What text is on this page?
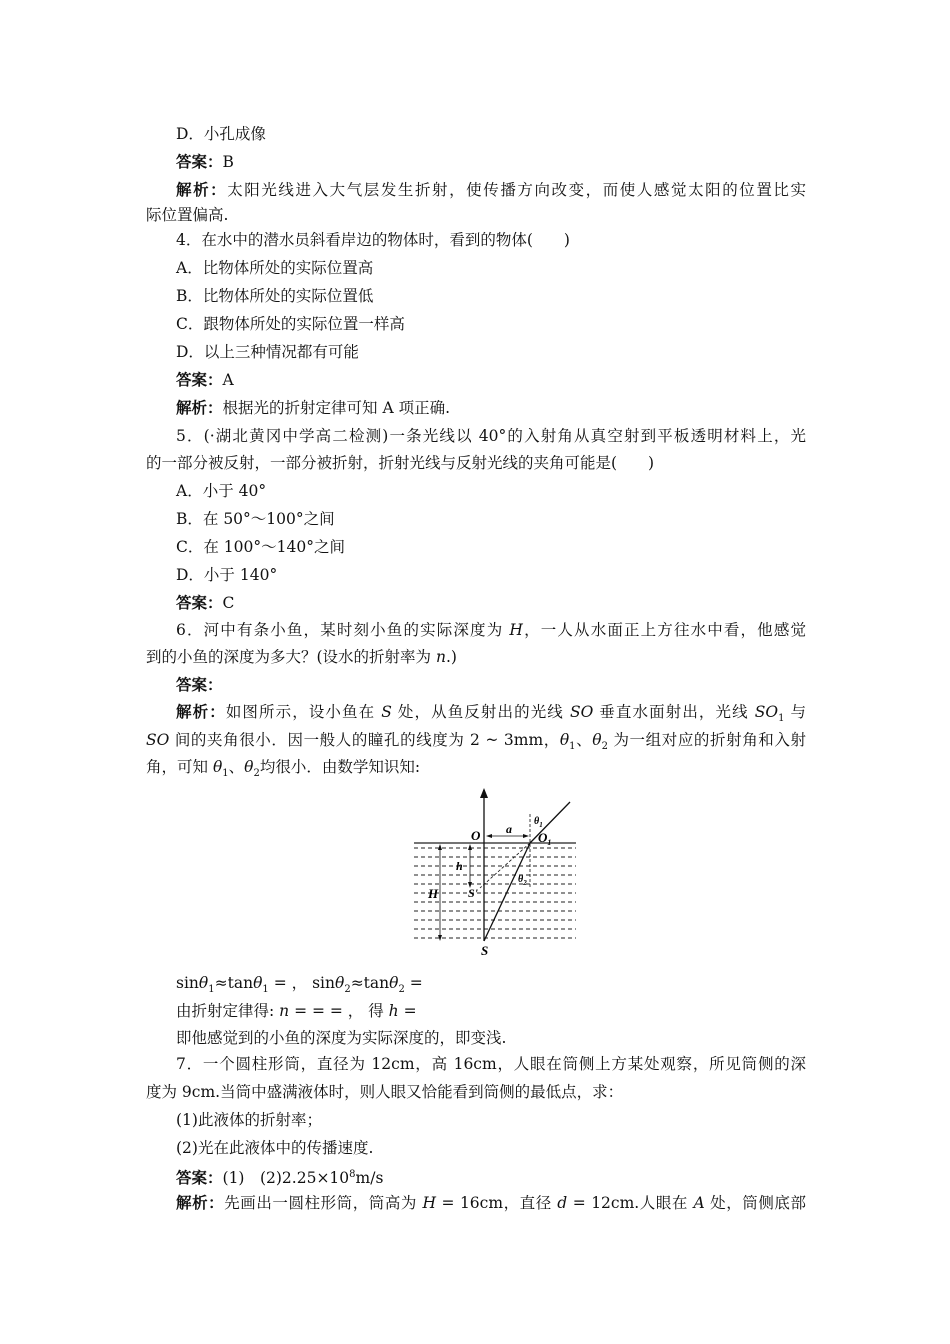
D．小孔成像
答案：B
解析：太阳光线进入大气层发生折射，使传播方向改变，而使人感觉太阳的位置比实
际位置偏高.
4．在水中的潜水员斜看岸边的物体时，看到的物体(　　)
A．比物体所处的实际位置高
B．比物体所处的实际位置低
C．跟物体所处的实际位置一样高
D．以上三种情况都有可能
答案：A
解析：根据光的折射定律可知 A 项正确.
5．(·湖北黄冈中学高二检测)一条光线以 40°的入射角从真空射到平板透明材料上，光
的一部分被反射，一部分被折射，折射光线与反射光线的夹角可能是(　　)
A．小于 40°
B．在 50°～100°之间
C．在 100°～140°之间
D．小于 140°
答案：C
6．河中有条小鱼，某时刻小鱼的实际深度为 H，一人从水面正上方往水中看，他感觉
到的小鱼的深度为多大？(设水的折射率为 n.)
答案：
解析：如图所示，设小鱼在 S 处，从鱼反射出的光线 SO 垂直水面射出，光线 $SO_1$ 与
SO 间的夹角很小．因一般人的瞳孔的线度为 2 ~ 3mm，$\theta_1$、$\theta_2$ 为一组对应的折射角和入射
角，可知 $\theta_1$、$\theta_2$均很小．由数学知识知:
O a
$\theta_1$
$O_1$
h
$\theta_2$
S'
H
S
sinθ$_1$≈tanθ$_1$ = ， sinθ$_2$≈tanθ$_2$ =
由折射定律得: n = = = ， 得 h =
即他感觉到的小鱼的深度为实际深度的，即变浅.
7．一个圆柱形筒，直径为 12cm，高 16cm，人眼在筒侧上方某处观察，所见筒侧的深
度为 9cm.当筒中盛满液体时，则人眼又恰能看到筒侧的最低点，求：
(1)此液体的折射率；
(2)光在此液体中的传播速度.
答案：(1)　$(2)2.25\times 10^8m/s$
解析：先画出一圆柱形筒，筒高为 H = 16cm，直径 d = 12cm.人眼在 A 处，筒侧底部
